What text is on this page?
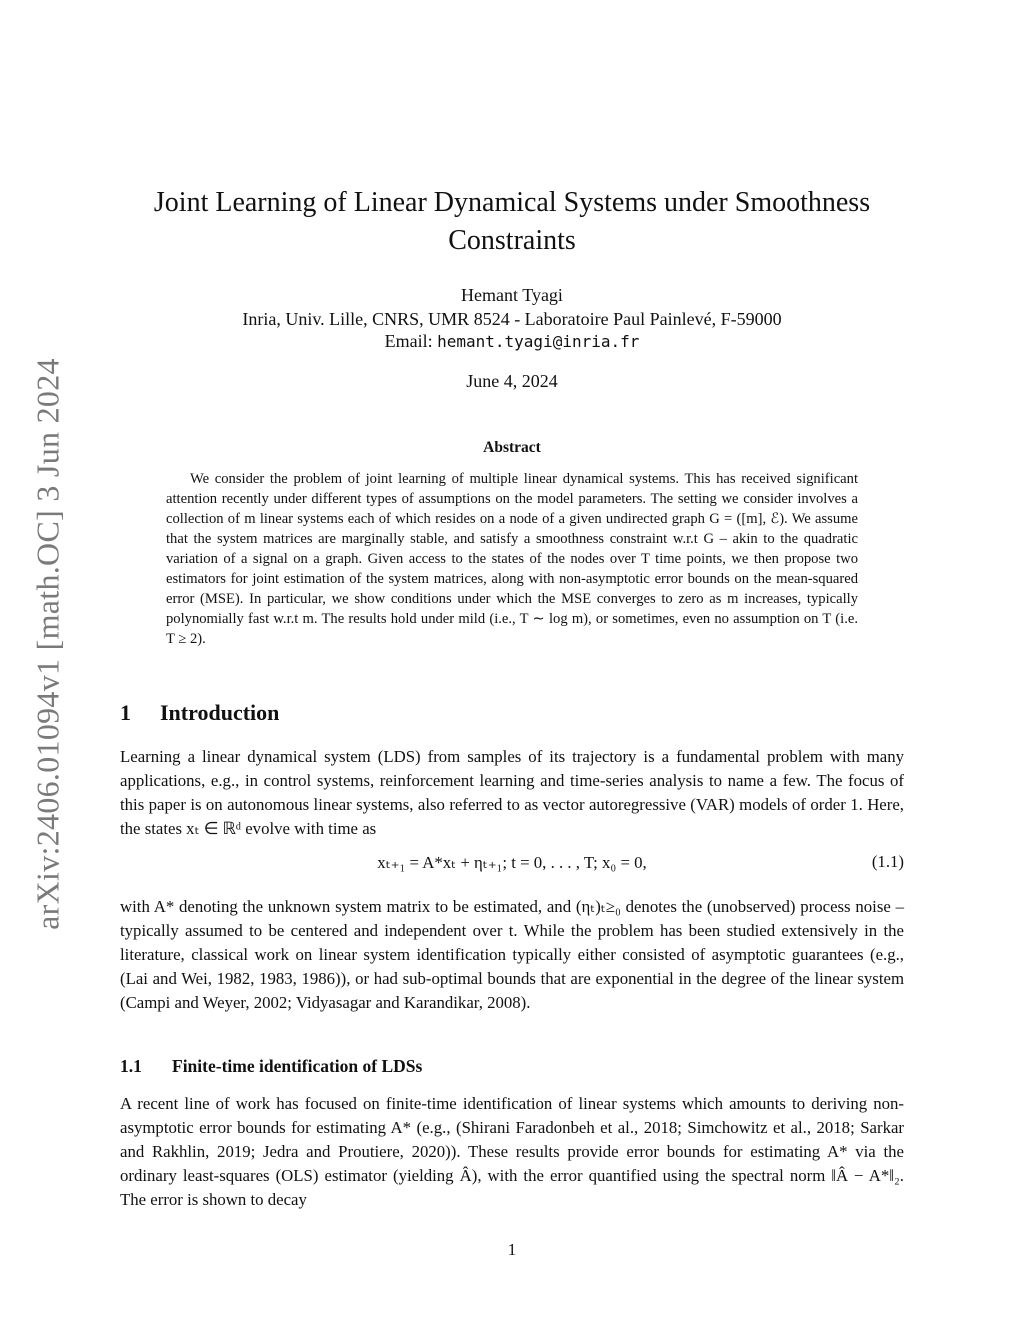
arXiv:2406.01094v1 [math.OC] 3 Jun 2024
Joint Learning of Linear Dynamical Systems under Smoothness Constraints
Hemant Tyagi
Inria, Univ. Lille, CNRS, UMR 8524 - Laboratoire Paul Painlevé, F-59000
Email: hemant.tyagi@inria.fr
June 4, 2024
Abstract

We consider the problem of joint learning of multiple linear dynamical systems. This has received significant attention recently under different types of assumptions on the model parameters. The setting we consider involves a collection of m linear systems each of which resides on a node of a given undirected graph G = ([m], ℰ). We assume that the system matrices are marginally stable, and satisfy a smoothness constraint w.r.t G – akin to the quadratic variation of a signal on a graph. Given access to the states of the nodes over T time points, we then propose two estimators for joint estimation of the system matrices, along with non-asymptotic error bounds on the mean-squared error (MSE). In particular, we show conditions under which the MSE converges to zero as m increases, typically polynomially fast w.r.t m. The results hold under mild (i.e., T ∼ log m), or sometimes, even no assumption on T (i.e. T ≥ 2).

1 Introduction

Learning a linear dynamical system (LDS) from samples of its trajectory is a fundamental problem with many applications, e.g., in control systems, reinforcement learning and time-series analysis to name a few. The focus of this paper is on autonomous linear systems, also referred to as vector autoregressive (VAR) models of order 1. Here, the states xₜ ∈ ℝᵈ evolve with time as

xₜ₊₁ = A*xₜ + ηₜ₊₁; t = 0, . . . , T; x₀ = 0,	(1.1)

with A* denoting the unknown system matrix to be estimated, and (ηₜ)ₜ≥₀ denotes the (unobserved) process noise – typically assumed to be centered and independent over t. While the problem has been studied extensively in the literature, classical work on linear system identification typically either consisted of asymptotic guarantees (e.g., (Lai and Wei, 1982, 1983, 1986)), or had sub-optimal bounds that are exponential in the degree of the linear system (Campi and Weyer, 2002; Vidyasagar and Karandikar, 2008).

1.1 Finite-time identification of LDSs

A recent line of work has focused on finite-time identification of linear systems which amounts to deriving non-asymptotic error bounds for estimating A* (e.g., (Shirani Faradonbeh et al., 2018; Simchowitz et al., 2018; Sarkar and Rakhlin, 2019; Jedra and Proutiere, 2020)). These results provide error bounds for estimating A* via the ordinary least-squares (OLS) estimator (yielding Â), with the error quantified using the spectral norm ‖Â − A*‖₂. The error is shown to decay

1
